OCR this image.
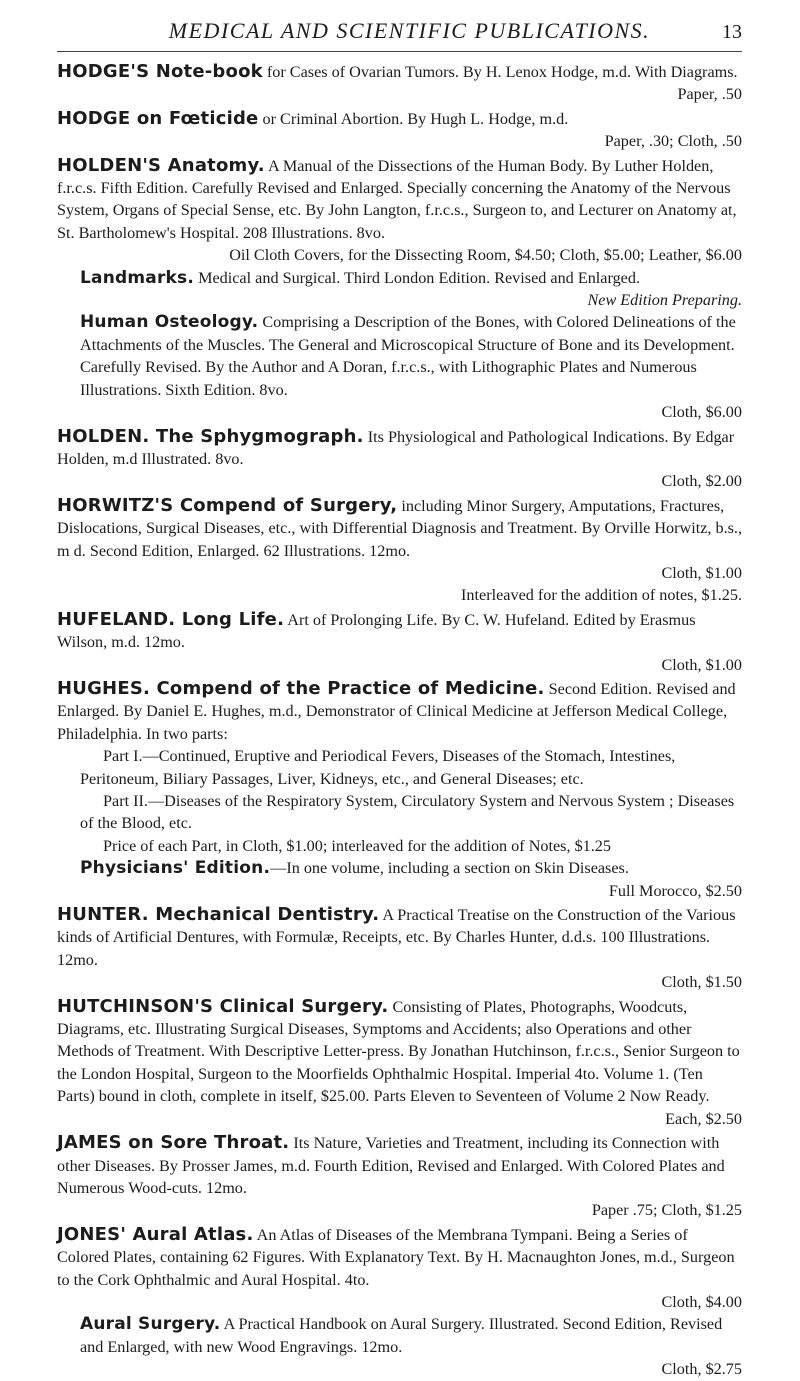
MEDICAL AND SCIENTIFIC PUBLICATIONS.	13

HODGE'S Note-book for Cases of Ovarian Tumors. By H. Lenox Hodge, m.d. With Diagrams.
Paper, .50

HODGE on Fœticide or Criminal Abortion. By Hugh L. Hodge, m.d.
Paper, .30; Cloth, .50

HOLDEN'S Anatomy. A Manual of the Dissections of the Human Body. By Luther Holden, f.r.c.s. Fifth Edition. Carefully Revised and Enlarged. Specially concerning the Anatomy of the Nervous System, Organs of Special Sense, etc. By John Langton, f.r.c.s., Surgeon to, and Lecturer on Anatomy at, St. Bartholomew's Hospital. 208 Illustrations. 8vo.
Oil Cloth Covers, for the Dissecting Room, $4.50; Cloth, $5.00; Leather, $6.00

Landmarks. Medical and Surgical. Third London Edition. Revised and Enlarged.
New Edition Preparing.

Human Osteology. Comprising a Description of the Bones, with Colored Delineations of the Attachments of the Muscles. The General and Microscopical Structure of Bone and its Development. Carefully Revised. By the Author and A Doran, f.r.c.s., with Lithographic Plates and Numerous Illustrations. Sixth Edition. 8vo.
Cloth, $6.00

HOLDEN. The Sphygmograph. Its Physiological and Pathological Indications. By Edgar Holden, m.d Illustrated. 8vo.
Cloth, $2.00

HORWITZ'S Compend of Surgery, including Minor Surgery, Amputations, Fractures, Dislocations, Surgical Diseases, etc., with Differential Diagnosis and Treatment. By Orville Horwitz, b.s., m d. Second Edition, Enlarged. 62 Illustrations. 12mo.
Cloth, $1.00
Interleaved for the addition of notes, $1.25.

HUFELAND. Long Life. Art of Prolonging Life. By C. W. Hufeland. Edited by Erasmus Wilson, m.d. 12mo.
Cloth, $1.00

HUGHES. Compend of the Practice of Medicine. Second Edition. Revised and Enlarged. By Daniel E. Hughes, m.d., Demonstrator of Clinical Medicine at Jefferson Medical College, Philadelphia. In two parts:
Part I.—Continued, Eruptive and Periodical Fevers, Diseases of the Stomach, Intestines, Peritoneum, Biliary Passages, Liver, Kidneys, etc., and General Diseases; etc.
Part II.—Diseases of the Respiratory System, Circulatory System and Nervous System ; Diseases of the Blood, etc.
Price of each Part, in Cloth, $1.00; interleaved for the addition of Notes, $1.25

Physicians' Edition.—In one volume, including a section on Skin Diseases.
Full Morocco, $2.50

HUNTER. Mechanical Dentistry. A Practical Treatise on the Construction of the Various kinds of Artificial Dentures, with Formulæ, Receipts, etc. By Charles Hunter, d.d.s. 100 Illustrations. 12mo.
Cloth, $1.50

HUTCHINSON'S Clinical Surgery. Consisting of Plates, Photographs, Woodcuts, Diagrams, etc. Illustrating Surgical Diseases, Symptoms and Accidents; also Operations and other Methods of Treatment. With Descriptive Letter-press. By Jonathan Hutchinson, f.r.c.s., Senior Surgeon to the London Hospital, Surgeon to the Moorfields Ophthalmic Hospital. Imperial 4to. Volume 1. (Ten Parts) bound in cloth, complete in itself, $25.00. Parts Eleven to Seventeen of Volume 2 Now Ready.
Each, $2.50

JAMES on Sore Throat. Its Nature, Varieties and Treatment, including its Connection with other Diseases. By Prosser James, m.d. Fourth Edition, Revised and Enlarged. With Colored Plates and Numerous Wood-cuts. 12mo.
Paper .75; Cloth, $1.25

JONES' Aural Atlas. An Atlas of Diseases of the Membrana Tympani. Being a Series of Colored Plates, containing 62 Figures. With Explanatory Text. By H. Macnaughton Jones, m.d., Surgeon to the Cork Ophthalmic and Aural Hospital. 4to.
Cloth, $4.00

Aural Surgery. A Practical Handbook on Aural Surgery. Illustrated. Second Edition, Revised and Enlarged, with new Wood Engravings. 12mo.
Cloth, $2.75
